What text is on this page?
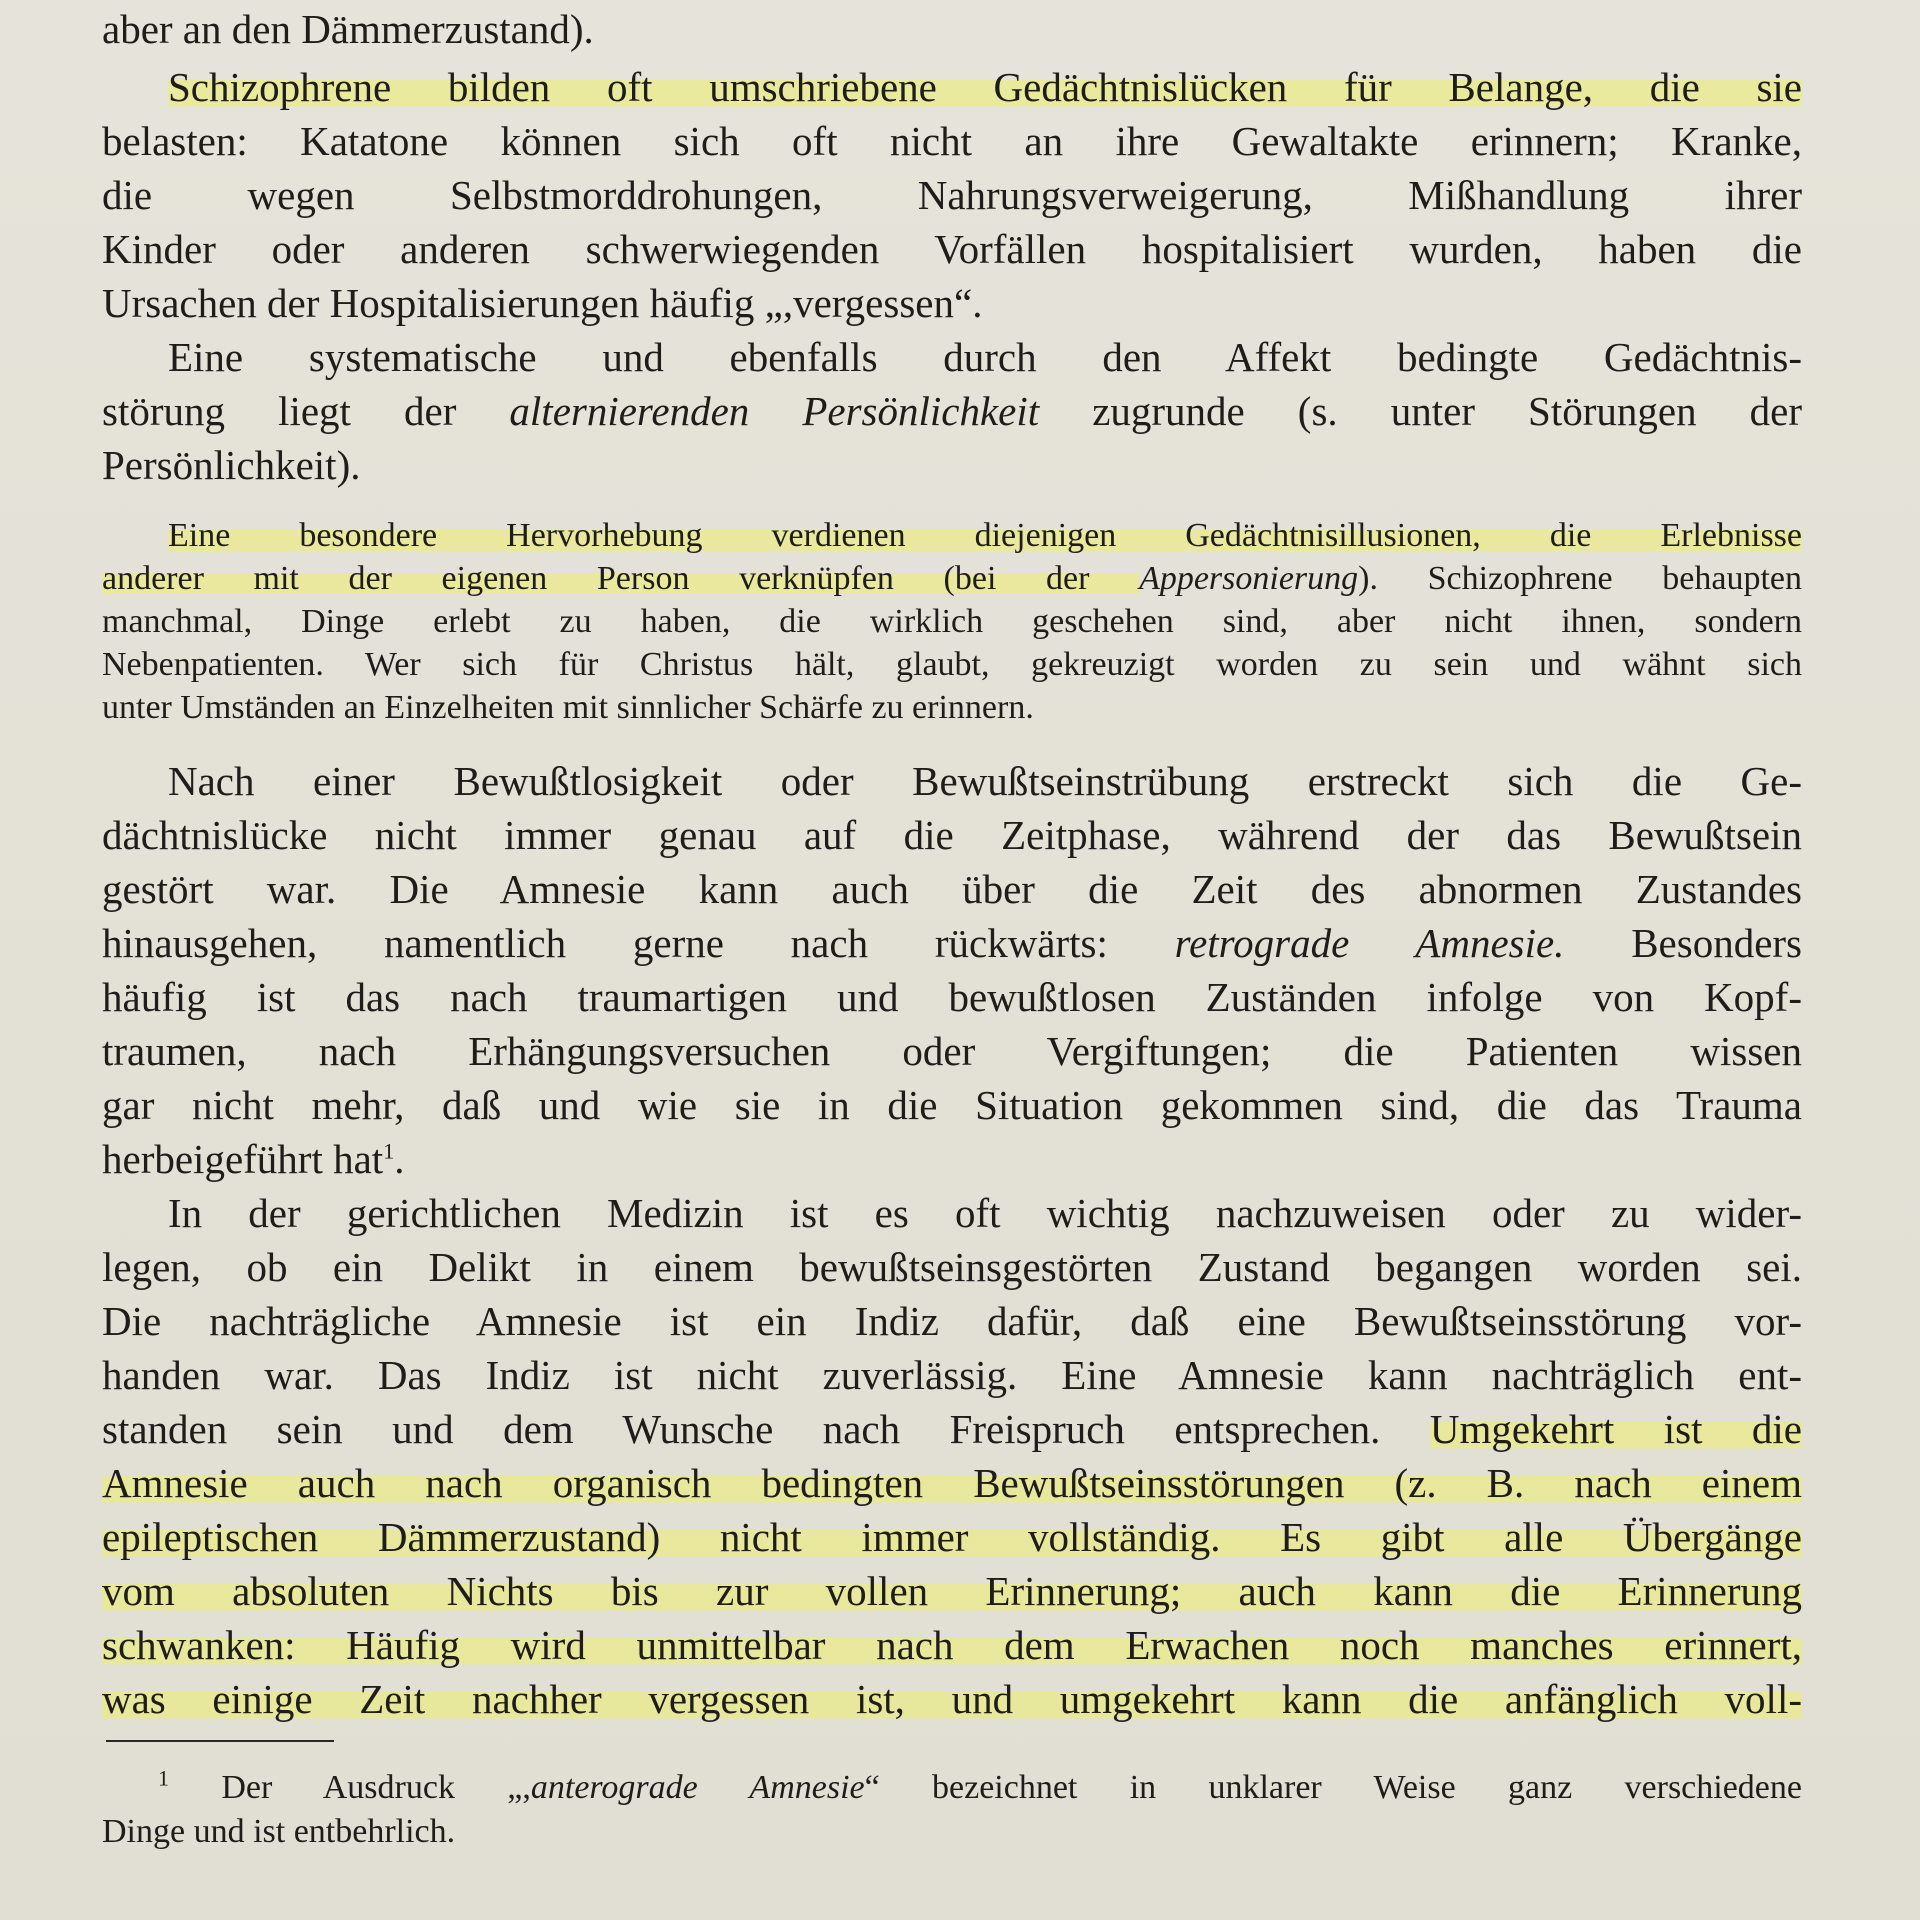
aber an den Dämmerzustand).
Schizophrene bilden oft umschriebene Gedächtnislücken für Belange, die sie
belasten: Katatone können sich oft nicht an ihre Gewaltakte erinnern; Kranke,
die wegen Selbstmorddrohungen, Nahrungsverweigerung, Mißhandlung ihrer
Kinder oder anderen schwerwiegenden Vorfällen hospitalisiert wurden, haben die
Ursachen der Hospitalisierungen häufig „,vergessen“.
Eine systematische und ebenfalls durch den Affekt bedingte Gedächtnis-
störung liegt der alternierenden Persönlichkeit zugrunde (s. unter Störungen der
Persönlichkeit).
Eine besondere Hervorhebung verdienen diejenigen Gedächtnisillusionen, die Erlebnisse
anderer mit der eigenen Person verknüpfen (bei der Appersonierung). Schizophrene behaupten
manchmal, Dinge erlebt zu haben, die wirklich geschehen sind, aber nicht ihnen, sondern
Nebenpatienten. Wer sich für Christus hält, glaubt, gekreuzigt worden zu sein und wähnt sich
unter Umständen an Einzelheiten mit sinnlicher Schärfe zu erinnern.
Nach einer Bewußtlosigkeit oder Bewußtseinstrübung erstreckt sich die Ge-
dächtnislücke nicht immer genau auf die Zeitphase, während der das Bewußtsein
gestört war. Die Amnesie kann auch über die Zeit des abnormen Zustandes
hinausgehen, namentlich gerne nach rückwärts: retrograde Amnesie. Besonders
häufig ist das nach traumartigen und bewußtlosen Zuständen infolge von Kopf-
traumen, nach Erhängungsversuchen oder Vergiftungen; die Patienten wissen
gar nicht mehr, daß und wie sie in die Situation gekommen sind, die das Trauma
herbeigeführt hat$^1$.
In der gerichtlichen Medizin ist es oft wichtig nachzuweisen oder zu wider-
legen, ob ein Delikt in einem bewußtseinsgestörten Zustand begangen worden sei.
Die nachträgliche Amnesie ist ein Indiz dafür, daß eine Bewußtseinsstörung vor-
handen war. Das Indiz ist nicht zuverlässig. Eine Amnesie kann nachträglich ent-
standen sein und dem Wunsche nach Freispruch entsprechen. Umgekehrt ist die
Amnesie auch nach organisch bedingten Bewußtseinsstörungen (z. B. nach einem
epileptischen Dämmerzustand) nicht immer vollständig. Es gibt alle Übergänge
vom absoluten Nichts bis zur vollen Erinnerung; auch kann die Erinnerung
schwanken: Häufig wird unmittelbar nach dem Erwachen noch manches erinnert,
was einige Zeit nachher vergessen ist, und umgekehrt kann die anfänglich voll-
$^1$ Der Ausdruck „,anterograde Amnesie“ bezeichnet in unklarer Weise ganz verschiedene
Dinge und ist entbehrlich.
